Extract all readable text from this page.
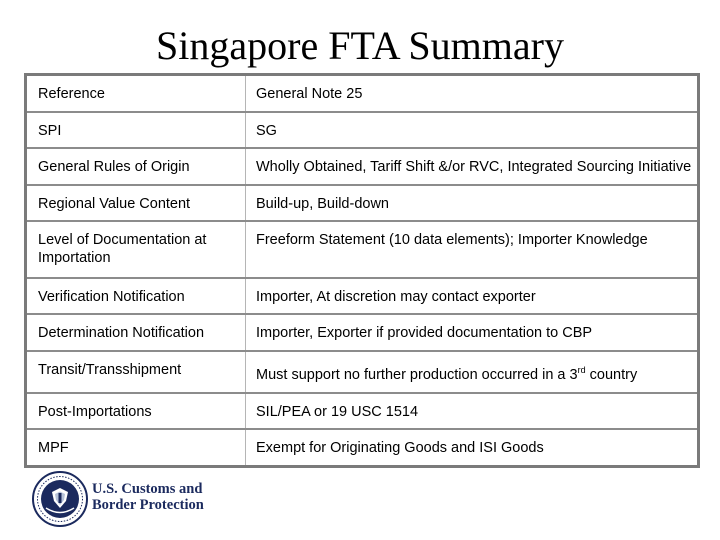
Singapore FTA Summary
Reference	General Note 25
SPI	SG
General Rules of Origin	Wholly Obtained, Tariff Shift &/or RVC, Integrated Sourcing Initiative
Regional Value Content	Build-up, Build-down
Level of Documentation at Importation	Freeform Statement (10 data elements); Importer Knowledge
Verification Notification	Importer, At discretion may contact exporter
Determination Notification	Importer, Exporter if provided documentation to CBP
Transit/Transshipment	Must support no further production occurred in a 3rd country
Post-Importations	SIL/PEA or 19 USC 1514
MPF	Exempt for Originating Goods and ISI Goods
U.S. Customs and
Border Protection
